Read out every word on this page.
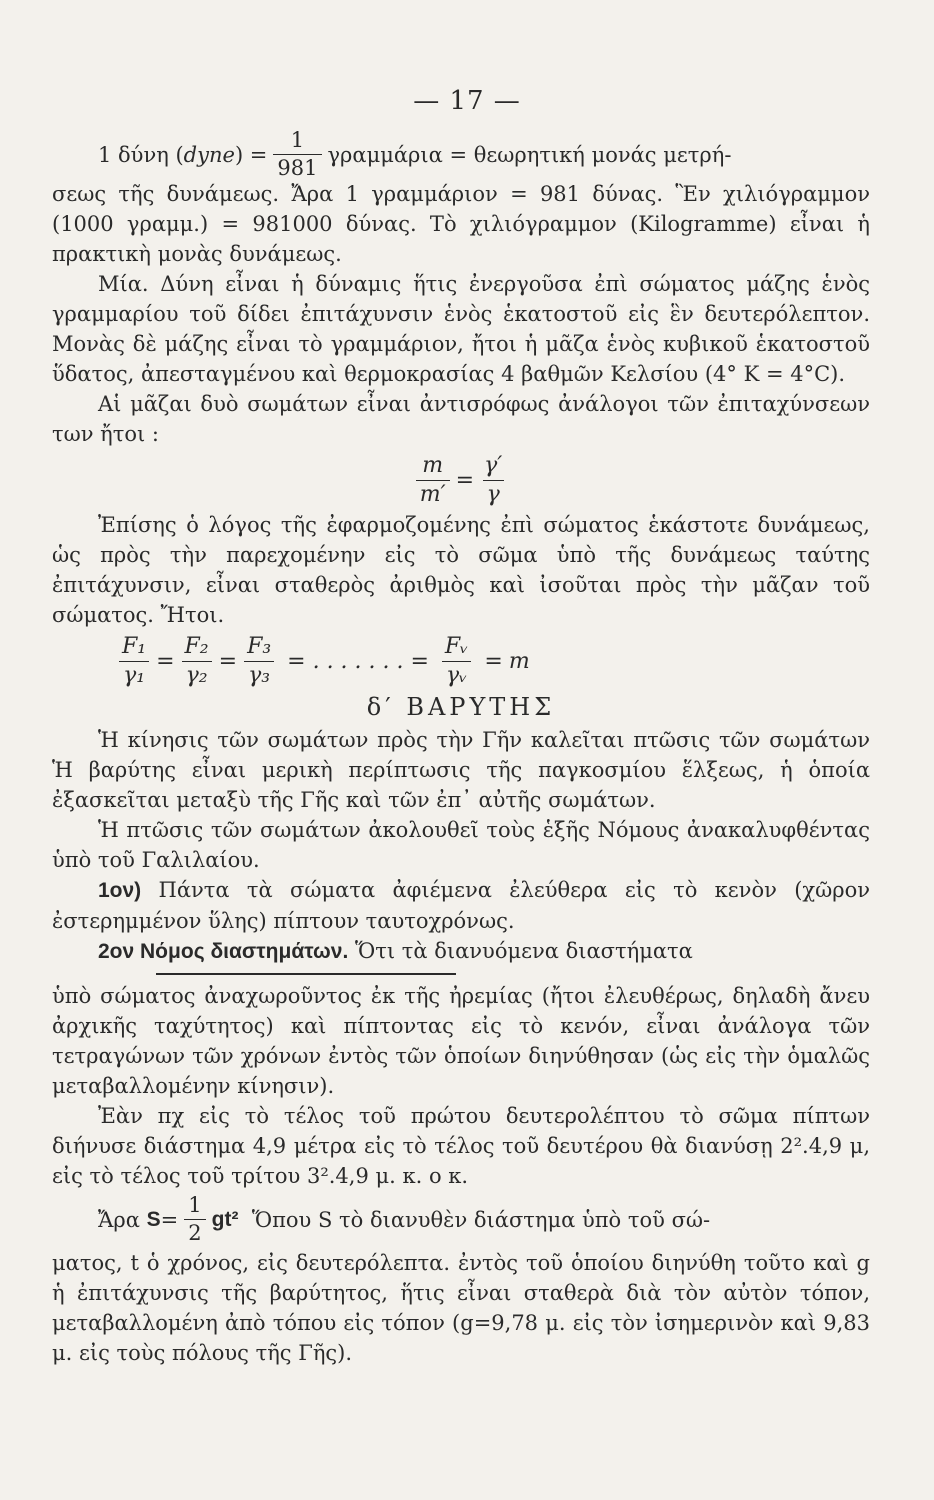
— 17 —
1 δύνη ( dyne ) = $\frac{1}{981}$ γραμμάρια = θεωρητική μονάς μετρή-

σεως τῆς δυνάμεως. Ἄρα 1 γραμμάριον = 981 δύνας. Ἓν χιλιόγραμμον (1000 γραμμ.) = 981000 δύνας. Τὸ χιλιόγραμμον (Kilogramme) εἶναι ἡ πρακτικὴ μονὰς δυνάμεως.

Μία. Δύνη εἶναι ἡ δύναμις ἥτις ἐνεργοῦσα ἐπὶ σώματος μάζης ἑνὸς γραμμαρίου τοῦ δίδει ἐπιτάχυνσιν ἑνὸς ἑκατοστοῦ εἰς ἓν δευτερόλεπτον. Μονὰς δὲ μάζης εἶναι τὸ γραμμάριον, ἤτοι ἡ μᾶζα ἑνὸς κυβικοῦ ἑκατοστοῦ ὕδατος, ἀπεσταγμένου καὶ θερμοκρασίας 4 βαθμῶν Κελσίου (4° Κ = 4°C).

Αἱ μᾶζαι δυὸ σωμάτων εἶναι ἀντισρόφως ἀνάλογοι τῶν ἐπιταχύνσεων των ἤτοι :

$\frac{m}{m'} = \frac{\gamma'}{\gamma}$

Ἐπίσης ὁ λόγος τῆς ἐφαρμοζομένης ἐπὶ σώματος ἑκάστοτε δυνάμεως, ὡς πρὸς τὴν παρεχομένην εἰς τὸ σῶμα ὑπὸ τῆς δυνάμεως ταύτης ἐπιτάχυνσιν, εἶναι σταθερὸς ἀριθμὸς καὶ ἰσοῦται πρὸς τὴν μᾶζαν τοῦ σώματος. Ἤτοι.

$\frac{\text{F₁}}{\text{γ₁}} = \frac{\text{F₂}}{\text{γ₂}} = \frac{\text{F₃}}{\text{γ₃}}$ = . . . . . . . = $\frac{\text{Fᵥ}}{\text{γᵥ}} = m$
δ′ ΒΑΡΥΤΗΣ

Ἡ κίνησις τῶν σωμάτων πρὸς τὴν Γῆν καλεῖται πτῶσις τῶν σωμάτων Ἡ βαρύτης εἶναι μερικὴ περίπτωσις τῆς παγκοσμίου ἕλξεως, ἡ ὁποία ἐξασκεῖται μεταξὺ τῆς Γῆς καὶ τῶν ἐπ᾽ αὐτῆς σωμάτων.

Ἡ πτῶσις τῶν σωμάτων ἀκολουθεῖ τοὺς ἑξῆς Νόμους ἀνακαλυφθέντας ὑπὸ τοῦ Γαλιλαίου.

1ον) Πάντα τὰ σώματα ἀφιέμενα ἐλεύθερα εἰς τὸ κενὸν (χῶρον ἐστερημμένον ὕλης) πίπτουν ταυτοχρόνως.

2ον Νόμος διαστημάτων. Ὅτι τὰ διανυόμενα διαστήματα

ὑπὸ σώματος ἀναχωροῦντος ἐκ τῆς ἠρεμίας (ἤτοι ἐλευθέρως, δηλαδὴ ἄνευ ἀρχικῆς ταχύτητος) καὶ πίπτοντας εἰς τὸ κενόν, εἶναι ἀνάλογα τῶν τετραγώνων τῶν χρόνων ἐντὸς τῶν ὁποίων διηνύθησαν (ὡς εἰς τὴν ὁμαλῶς μεταβαλλομένην κίνησιν).

Ἐὰν πχ εἰς τὸ τέλος τοῦ πρώτου δευτερολέπτου τὸ σῶμα πίπτων διήνυσε διάστημα 4,9 μέτρα εἰς τὸ τέλος τοῦ δευτέρου θὰ διανύσῃ 2².4,9 μ, εἰς τὸ τέλος τοῦ τρίτου 3².4,9 μ. κ. ο κ.

Ἄρα
$S = \frac{1}{2} gt^2$
Ὅπου S τὸ διανυθὲν διάστημα ὑπὸ τοῦ σώ-

ματος, t ὁ χρόνος, εἰς δευτερόλεπτα. ἐντὸς τοῦ ὁποίου διηνύθη τοῦτο καὶ g ἡ ἐπιτάχυνσις τῆς βαρύτητος, ἥτις εἶναι σταθερὰ διὰ τὸν αὐτὸν τόπον, μεταβαλλομένη ἀπὸ τόπου εἰς τόπον (g=9,78 μ. εἰς τὸν ἰσημερινὸν καὶ 9,83 μ. εἰς τοὺς πόλους τῆς Γῆς).
